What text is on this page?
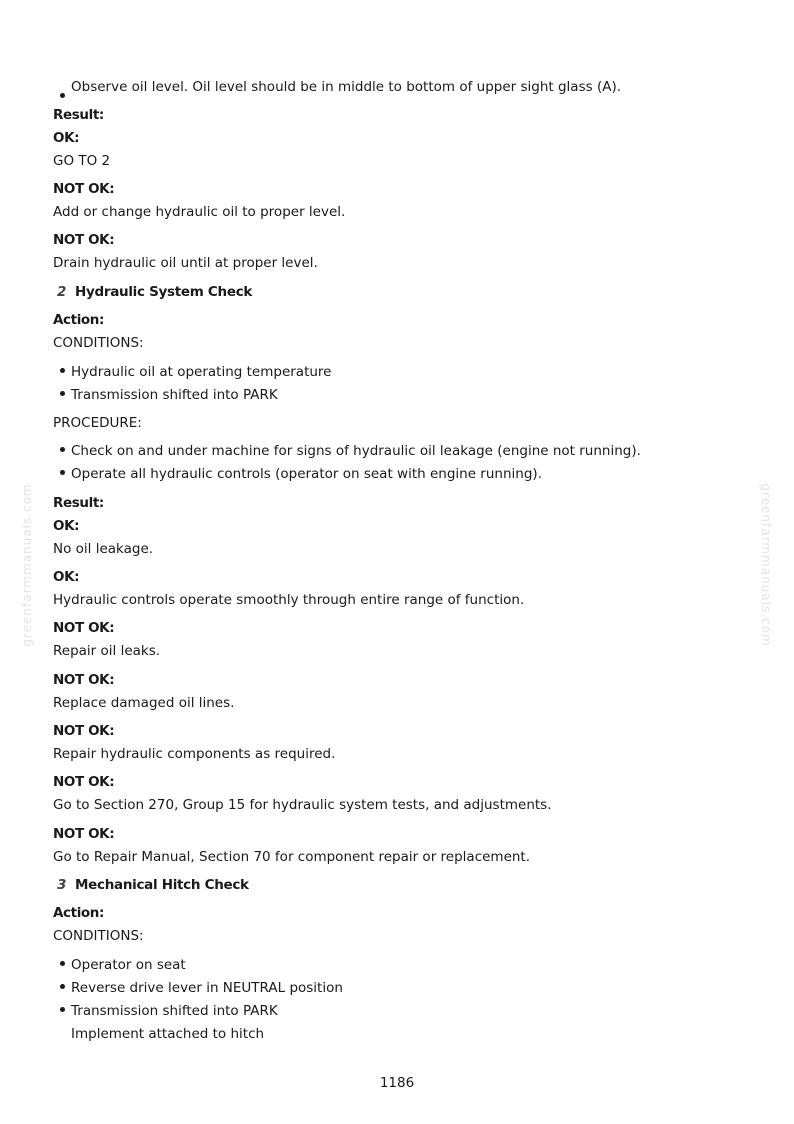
greenfarmmanuals.com	greenfarmmanuals.com
Observe oil level. Oil level should be in middle to bottom of upper sight glass (A).
Result:
OK:
GO TO 2
NOT OK:
Add or change hydraulic oil to proper level.
NOT OK:
Drain hydraulic oil until at proper level.
2 Hydraulic System Check
Action:
CONDITIONS:
Hydraulic oil at operating temperature
Transmission shifted into PARK
PROCEDURE:
Check on and under machine for signs of hydraulic oil leakage (engine not running).
Operate all hydraulic controls (operator on seat with engine running).
Result:
OK:
No oil leakage.
OK:
Hydraulic controls operate smoothly through entire range of function.
NOT OK:
Repair oil leaks.
NOT OK:
Replace damaged oil lines.
NOT OK:
Repair hydraulic components as required.
NOT OK:
Go to Section 270, Group 15 for hydraulic system tests, and adjustments.
NOT OK:
Go to Repair Manual, Section 70 for component repair or replacement.
3 Mechanical Hitch Check
Action:
CONDITIONS:
Operator on seat
Reverse drive lever in NEUTRAL position
Transmission shifted into PARK
Implement attached to hitch
1186
